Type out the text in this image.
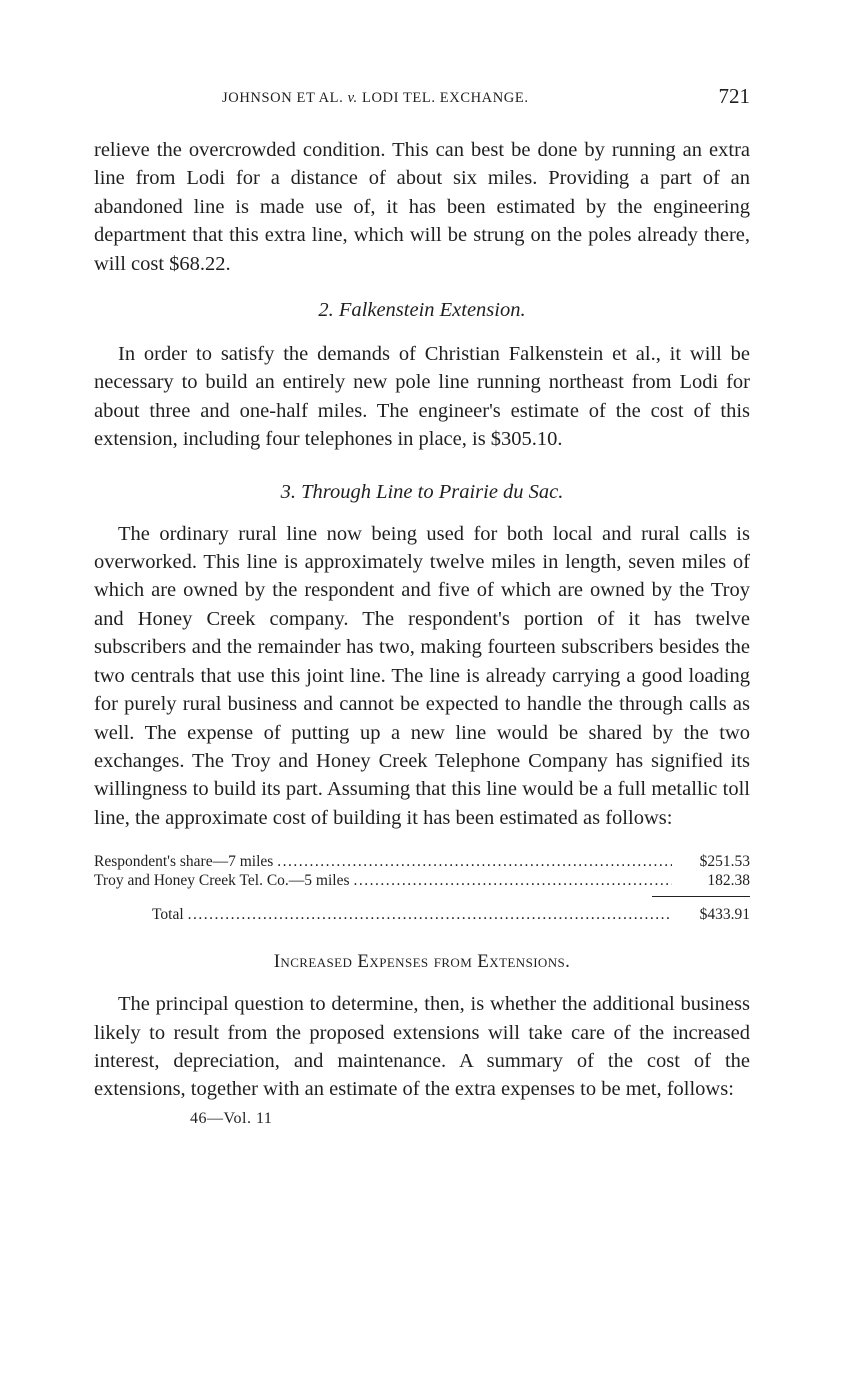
JOHNSON ET AL. v. LODI TEL. EXCHANGE.	721

relieve the overcrowded condition. This can best be done by running an extra line from Lodi for a distance of about six miles. Providing a part of an abandoned line is made use of, it has been estimated by the engineering department that this extra line, which will be strung on the poles already there, will cost $68.22.

2. Falkenstein Extension.

In order to satisfy the demands of Christian Falkenstein et al., it will be necessary to build an entirely new pole line running northeast from Lodi for about three and one-half miles. The engineer's estimate of the cost of this extension, including four telephones in place, is $305.10.

3. Through Line to Prairie du Sac.

The ordinary rural line now being used for both local and rural calls is overworked. This line is approximately twelve miles in length, seven miles of which are owned by the respondent and five of which are owned by the Troy and Honey Creek company. The respondent's portion of it has twelve subscribers and the remainder has two, making fourteen subscribers besides the two centrals that use this joint line. The line is already carrying a good loading for purely rural business and cannot be expected to handle the through calls as well. The expense of putting up a new line would be shared by the two exchanges. The Troy and Honey Creek Telephone Company has signified its willingness to build its part. Assuming that this line would be a full metallic toll line, the approximate cost of building it has been estimated as follows:

Respondent's share—7 miles .....	$251.53
Troy and Honey Creek Tel. Co.—5 miles .....	182.38
Total .....	$433.91
Increased Expenses from Extensions.

The principal question to determine, then, is whether the additional business likely to result from the proposed extensions will take care of the increased interest, depreciation, and maintenance. A summary of the cost of the extensions, together with an estimate of the extra expenses to be met, follows:

46—Vol. 11
